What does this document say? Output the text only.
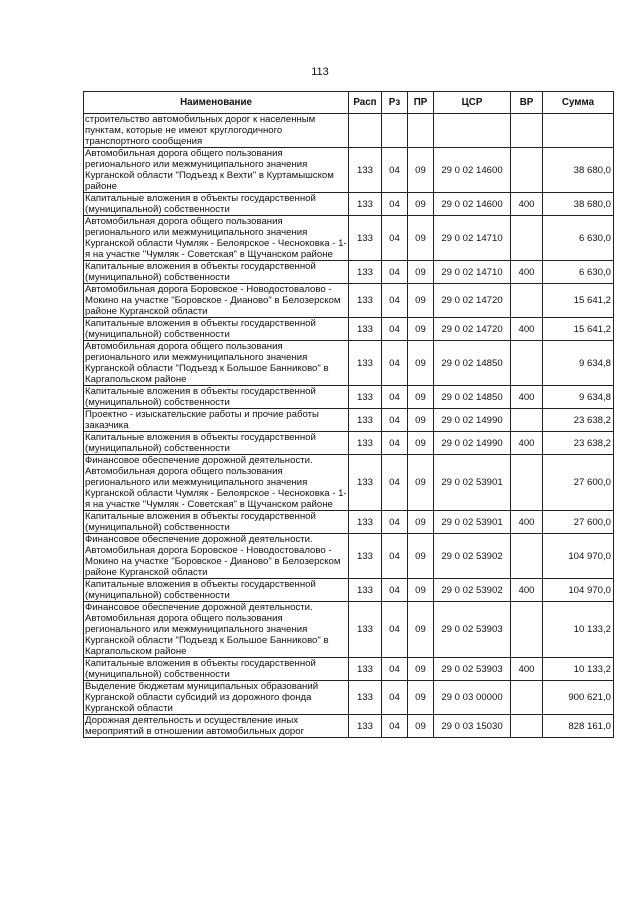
113
Наименование	Расп	Рз	ПР	ЦСР	ВР	Сумма
строительство автомобильных дорог к населенным пунктам, которые не имеют круглогодичного транспортного сообщения						
Автомобильная дорога общего пользования регионального или межмуниципального значения Курганской области "Подъезд к Вехти" в Куртамышском районе	133	04	09	29 0 02 14600		38 680,0
Капитальные вложения в объекты государственной (муниципальной) собственности	133	04	09	29 0 02 14600	400	38 680,0
Автомобильная дорога общего пользования регионального или межмуниципального значения Курганской области Чумляк - Белоярское - Чесноковка - 1-я на участке "Чумляк - Советская" в Щучанском районе	133	04	09	29 0 02 14710		6 630,0
Капитальные вложения в объекты государственной (муниципальной) собственности	133	04	09	29 0 02 14710	400	6 630,0
Автомобильная дорога Боровское - Новодостовалово - Мокино на участке "Боровское - Дианово" в Белозерском районе Курганской области	133	04	09	29 0 02 14720		15 641,2
Капитальные вложения в объекты государственной (муниципальной) собственности	133	04	09	29 0 02 14720	400	15 641,2
Автомобильная дорога общего пользования регионального или межмуниципального значения Курганской области "Подъезд к Большое Банниково" в Каргапольском районе	133	04	09	29 0 02 14850		9 634,8
Капитальные вложения в объекты государственной (муниципальной) собственности	133	04	09	29 0 02 14850	400	9 634,8
Проектно - изыскательские работы и прочие работы заказчика	133	04	09	29 0 02 14990		23 638,2
Капитальные вложения в объекты государственной (муниципальной) собственности	133	04	09	29 0 02 14990	400	23 638,2
Финансовое обеспечение дорожной деятельности. Автомобильная дорога общего пользования регионального или межмуниципального значения Курганской области Чумляк - Белоярское - Чесноковка - 1-я на участке "Чумляк - Советская" в Щучанском районе	133	04	09	29 0 02 53901		27 600,0
Капитальные вложения в объекты государственной (муниципальной) собственности	133	04	09	29 0 02 53901	400	27 600,0
Финансовое обеспечение дорожной деятельности. Автомобильная дорога Боровское - Новодостовалово - Мокино на участке "Боровское - Дианово" в Белозерском районе Курганской области	133	04	09	29 0 02 53902		104 970,0
Капитальные вложения в объекты государственной (муниципальной) собственности	133	04	09	29 0 02 53902	400	104 970,0
Финансовое обеспечение дорожной деятельности. Автомобильная дорога общего пользования регионального или межмуниципального значения Курганской области "Подъезд к Большое Банниково" в Каргапольском районе	133	04	09	29 0 02 53903		10 133,2
Капитальные вложения в объекты государственной (муниципальной) собственности	133	04	09	29 0 02 53903	400	10 133,2
Выделение бюджетам муниципальных образований Курганской области субсидий из дорожного фонда Курганской области	133	04	09	29 0 03 00000		900 621,0
Дорожная деятельность и осуществление иных мероприятий в отношении автомобильных дорог	133	04	09	29 0 03 15030		828 161,0
